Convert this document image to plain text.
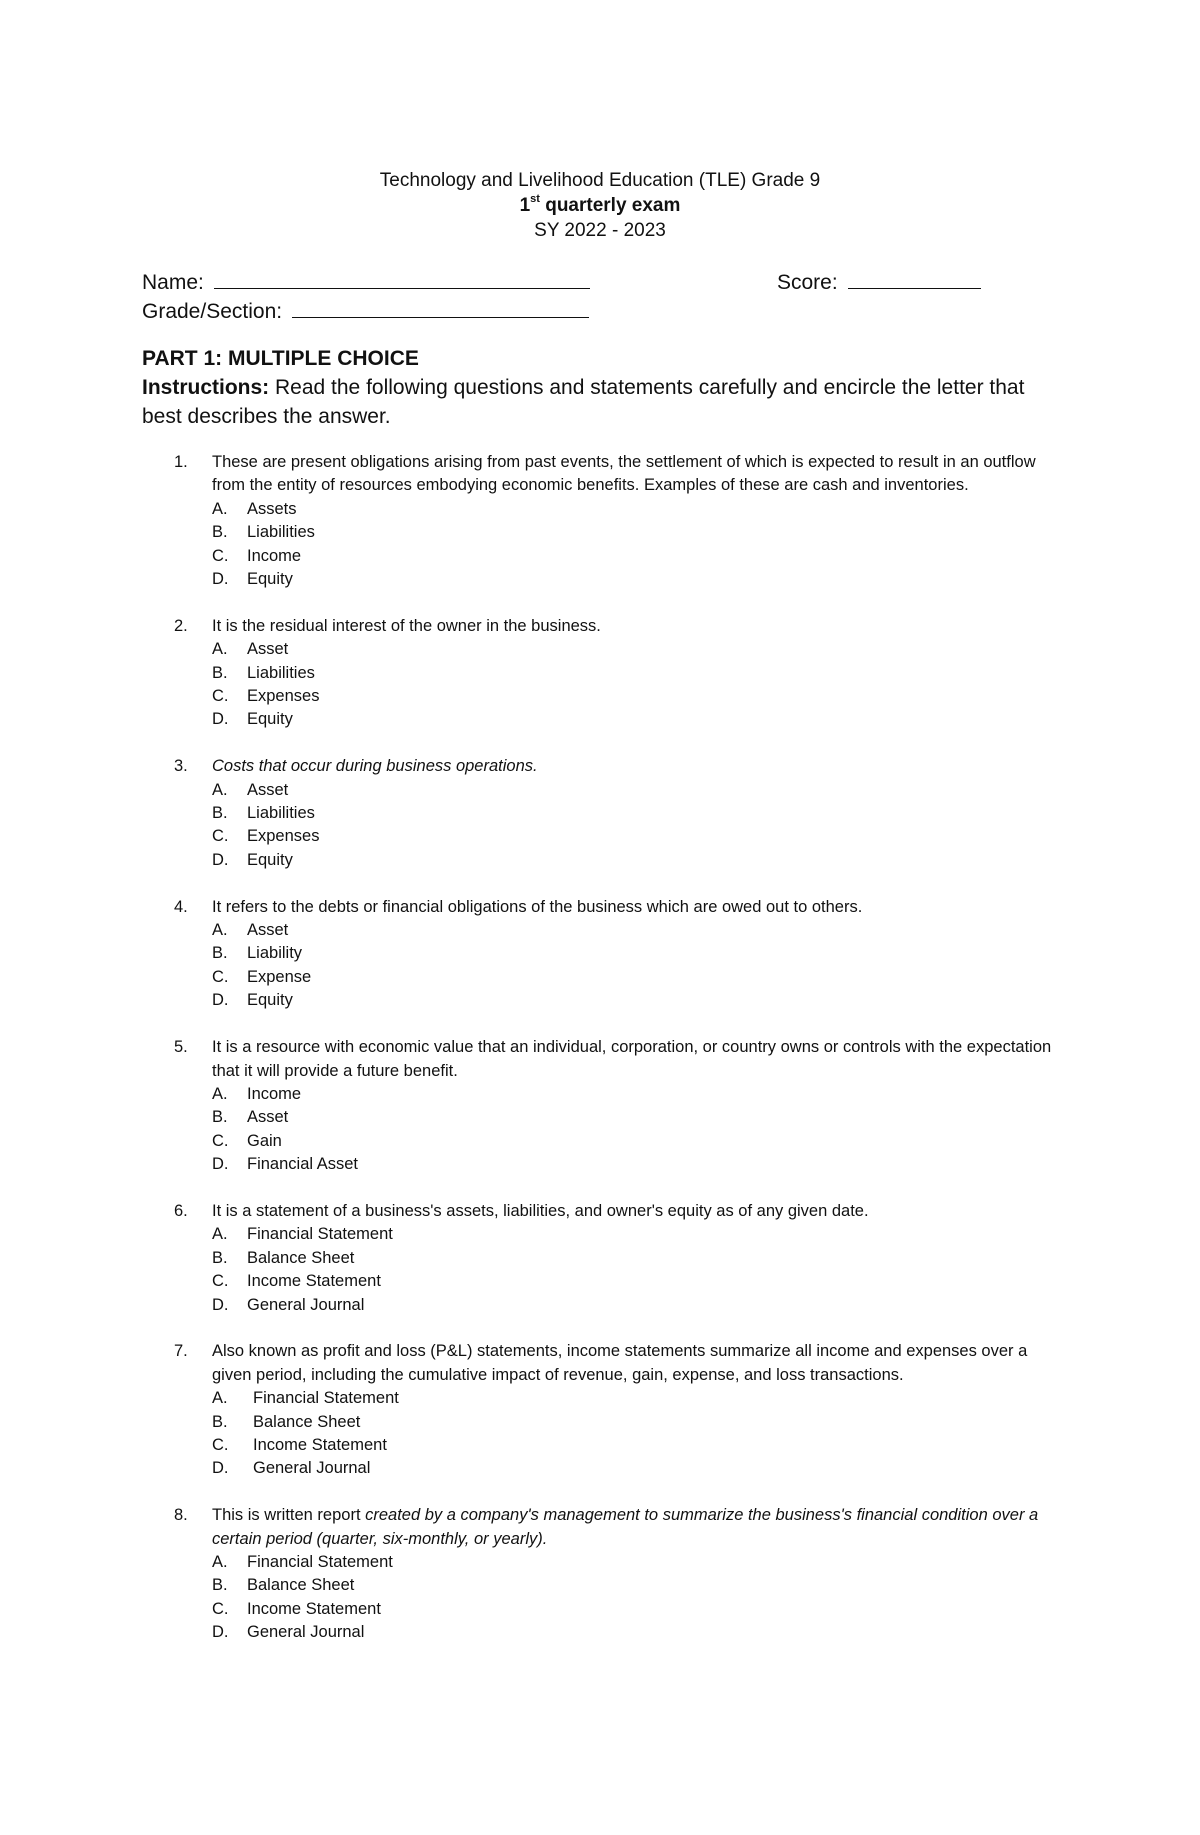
Technology and Livelihood Education (TLE) Grade 9
1st quarterly exam
SY 2022 - 2023
Name:	Score:
Grade/Section:
PART 1: MULTIPLE CHOICE
Instructions: Read the following questions and statements carefully and encircle the letter that best describes the answer.
1. These are present obligations arising from past events, the settlement of which is expected to result in an outflow from the entity of resources embodying economic benefits. Examples of these are cash and inventories.
A. Assets
B. Liabilities
C. Income
D. Equity
2. It is the residual interest of the owner in the business.
A. Asset
B. Liabilities
C. Expenses
D. Equity
3. Costs that occur during business operations.
A. Asset
B. Liabilities
C. Expenses
D. Equity
4. It refers to the debts or financial obligations of the business which are owed out to others.
A. Asset
B. Liability
C. Expense
D. Equity
5. It is a resource with economic value that an individual, corporation, or country owns or controls with the expectation that it will provide a future benefit.
A. Income
B. Asset
C. Gain
D. Financial Asset
6. It is a statement of a business's assets, liabilities, and owner's equity as of any given date.
A. Financial Statement
B. Balance Sheet
C. Income Statement
D. General Journal
7. Also known as profit and loss (P&L) statements, income statements summarize all income and expenses over a given period, including the cumulative impact of revenue, gain, expense, and loss transactions.
A. Financial Statement
B. Balance Sheet
C. Income Statement
D. General Journal
8. This is written report created by a company's management to summarize the business's financial condition over a certain period (quarter, six-monthly, or yearly).
A. Financial Statement
B. Balance Sheet
C. Income Statement
D. General Journal
